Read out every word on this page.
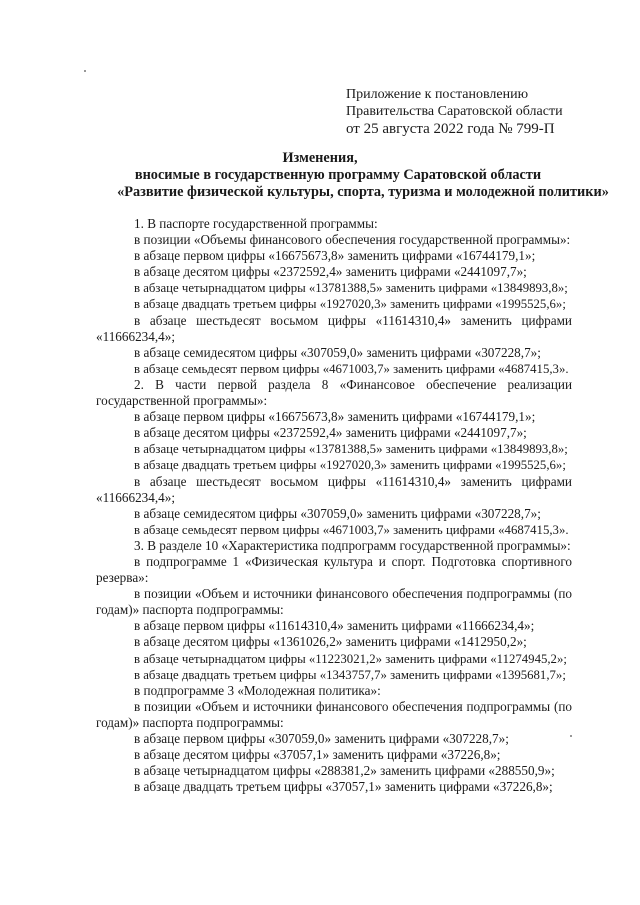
Приложение к постановлению
Правительства Саратовской области
от 25 августа 2022 года № 799-П
Изменения,
вносимые в государственную программу Саратовской области
«Развитие физической культуры, спорта, туризма и молодежной политики»

1. В паспорте государственной программы:

в позиции «Объемы финансового обеспечения государственной программы»:

в абзаце первом цифры «16675673,8» заменить цифрами «16744179,1»;

в абзаце десятом цифры «2372592,4» заменить цифрами «2441097,7»;

в абзаце четырнадцатом цифры «13781388,5» заменить цифрами «13849893,8»;

в абзаце двадцать третьем цифры «1927020,3» заменить цифрами «1995525,6»;

в абзаце шестьдесят восьмом цифры «11614310,4» заменить цифрами «11666234,4»;

в абзаце семидесятом цифры «307059,0» заменить цифрами «307228,7»;

в абзаце семьдесят первом цифры «4671003,7» заменить цифрами «4687415,3».

2. В части первой раздела 8 «Финансовое обеспечение реализации государственной программы»:

в абзаце первом цифры «16675673,8» заменить цифрами «16744179,1»;

в абзаце десятом цифры «2372592,4» заменить цифрами «2441097,7»;

в абзаце четырнадцатом цифры «13781388,5» заменить цифрами «13849893,8»;

в абзаце двадцать третьем цифры «1927020,3» заменить цифрами «1995525,6»;

в абзаце шестьдесят восьмом цифры «11614310,4» заменить цифрами «11666234,4»;

в абзаце семидесятом цифры «307059,0» заменить цифрами «307228,7»;

в абзаце семьдесят первом цифры «4671003,7» заменить цифрами «4687415,3».

3. В разделе 10 «Характеристика подпрограмм государственной программы»:

в подпрограмме 1 «Физическая культура и спорт. Подготовка спортивного резерва»:

в позиции «Объем и источники финансового обеспечения подпрограммы (по годам)» паспорта подпрограммы:

в абзаце первом цифры «11614310,4» заменить цифрами «11666234,4»;

в абзаце десятом цифры «1361026,2» заменить цифрами «1412950,2»;

в абзаце четырнадцатом цифры «11223021,2» заменить цифрами «11274945,2»;

в абзаце двадцать третьем цифры «1343757,7» заменить цифрами «1395681,7»;

в подпрограмме 3 «Молодежная политика»:

в позиции «Объем и источники финансового обеспечения подпрограммы (по годам)» паспорта подпрограммы:

в абзаце первом цифры «307059,0» заменить цифрами «307228,7»;

в абзаце десятом цифры «37057,1» заменить цифрами «37226,8»;

в абзаце четырнадцатом цифры «288381,2» заменить цифрами «288550,9»;

в абзаце двадцать третьем цифры «37057,1» заменить цифрами «37226,8»;
